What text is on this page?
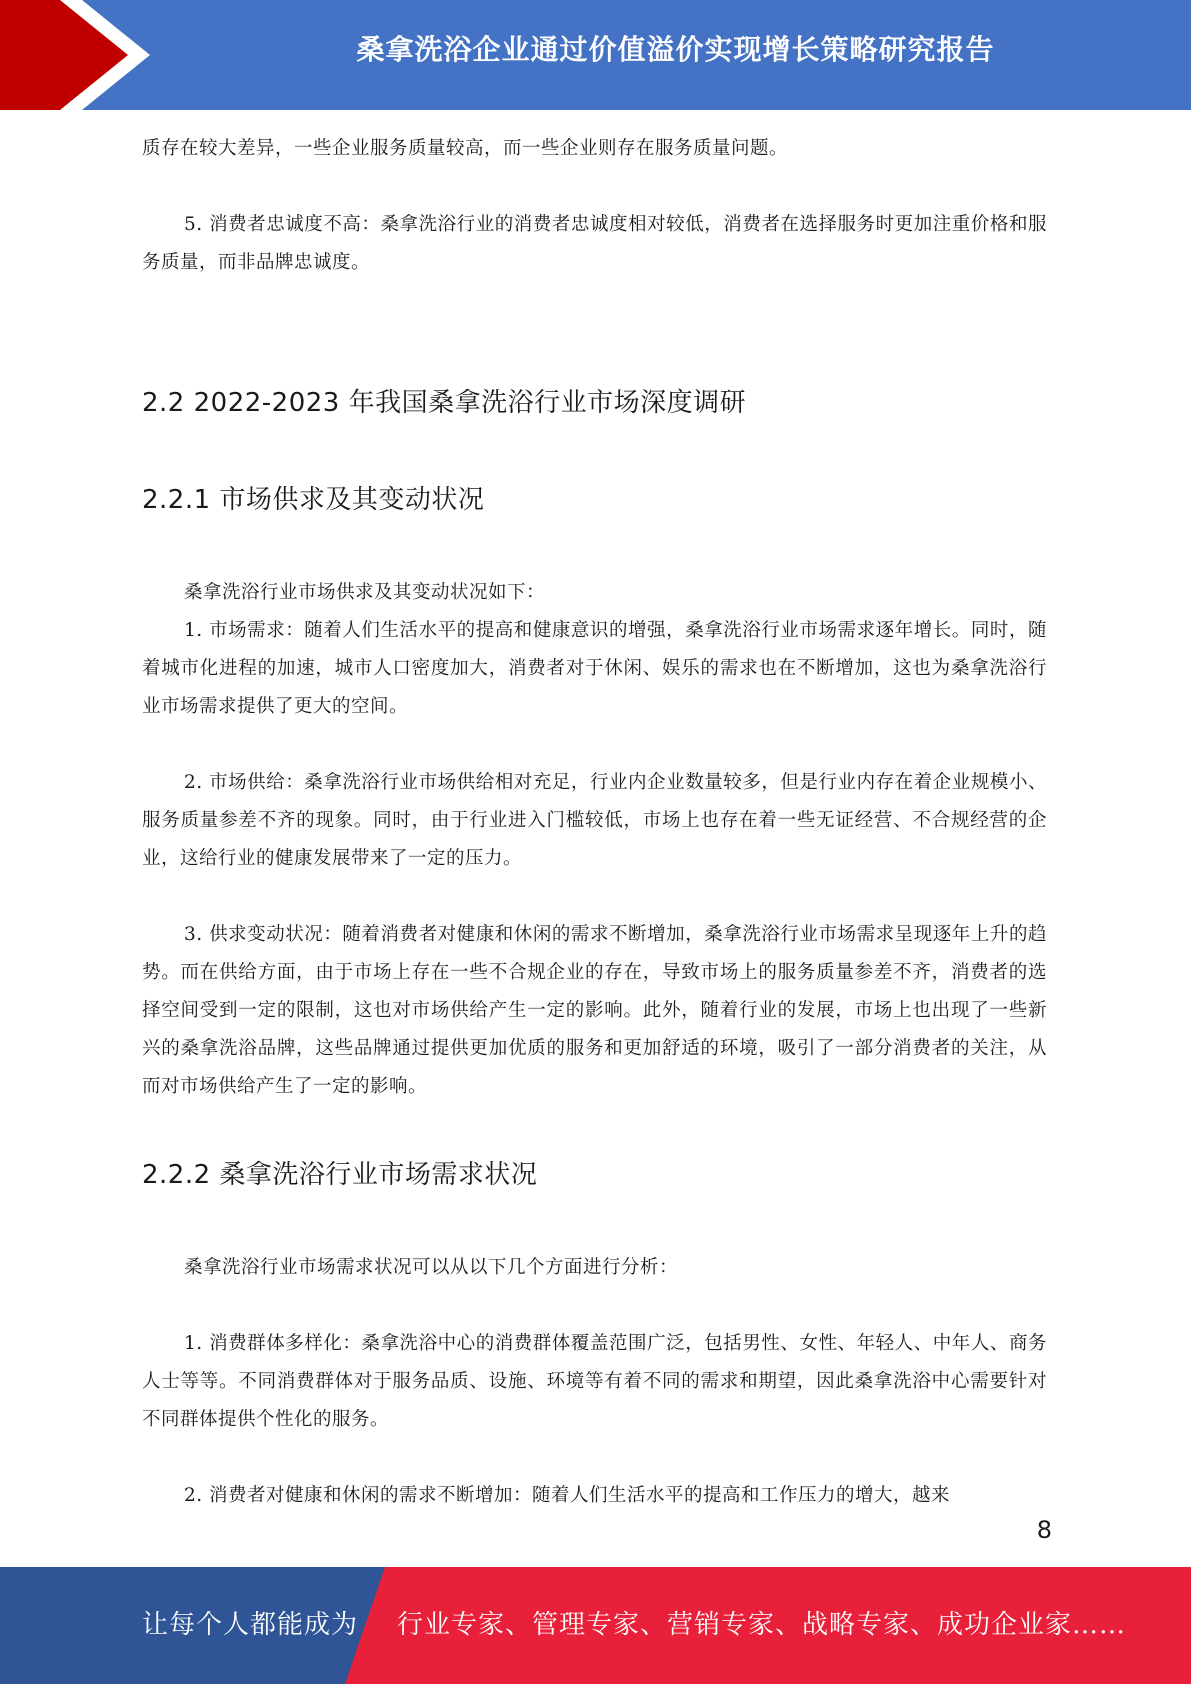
桑拿洗浴企业通过价值溢价实现增长策略研究报告

质存在较大差异，一些企业服务质量较高，而一些企业则存在服务质量问题。

5. 消费者忠诚度不高：桑拿洗浴行业的消费者忠诚度相对较低，消费者在选择服务时更加注重价格和服务质量，而非品牌忠诚度。

2.2 2022-2023 年我国桑拿洗浴行业市场深度调研
2.2.1 市场供求及其变动状况

桑拿洗浴行业市场供求及其变动状况如下：

1. 市场需求：随着人们生活水平的提高和健康意识的增强，桑拿洗浴行业市场需求逐年增长。同时，随着城市化进程的加速，城市人口密度加大，消费者对于休闲、娱乐的需求也在不断增加，这也为桑拿洗浴行业市场需求提供了更大的空间。

2. 市场供给：桑拿洗浴行业市场供给相对充足，行业内企业数量较多，但是行业内存在着企业规模小、服务质量参差不齐的现象。同时，由于行业进入门槛较低，市场上也存在着一些无证经营、不合规经营的企业，这给行业的健康发展带来了一定的压力。

3. 供求变动状况：随着消费者对健康和休闲的需求不断增加，桑拿洗浴行业市场需求呈现逐年上升的趋势。而在供给方面，由于市场上存在一些不合规企业的存在，导致市场上的服务质量参差不齐，消费者的选择空间受到一定的限制，这也对市场供给产生一定的影响。此外，随着行业的发展，市场上也出现了一些新兴的桑拿洗浴品牌，这些品牌通过提供更加优质的服务和更加舒适的环境，吸引了一部分消费者的关注，从而对市场供给产生了一定的影响。

2.2.2 桑拿洗浴行业市场需求状况

桑拿洗浴行业市场需求状况可以从以下几个方面进行分析：

1. 消费群体多样化：桑拿洗浴中心的消费群体覆盖范围广泛，包括男性、女性、年轻人、中年人、商务人士等等。不同消费群体对于服务品质、设施、环境等有着不同的需求和期望，因此桑拿洗浴中心需要针对不同群体提供个性化的服务。

2. 消费者对健康和休闲的需求不断增加：随着人们生活水平的提高和工作压力的增大，越来

8
让每个人都能成为 行业专家、管理专家、营销专家、战略专家、成功企业家……
